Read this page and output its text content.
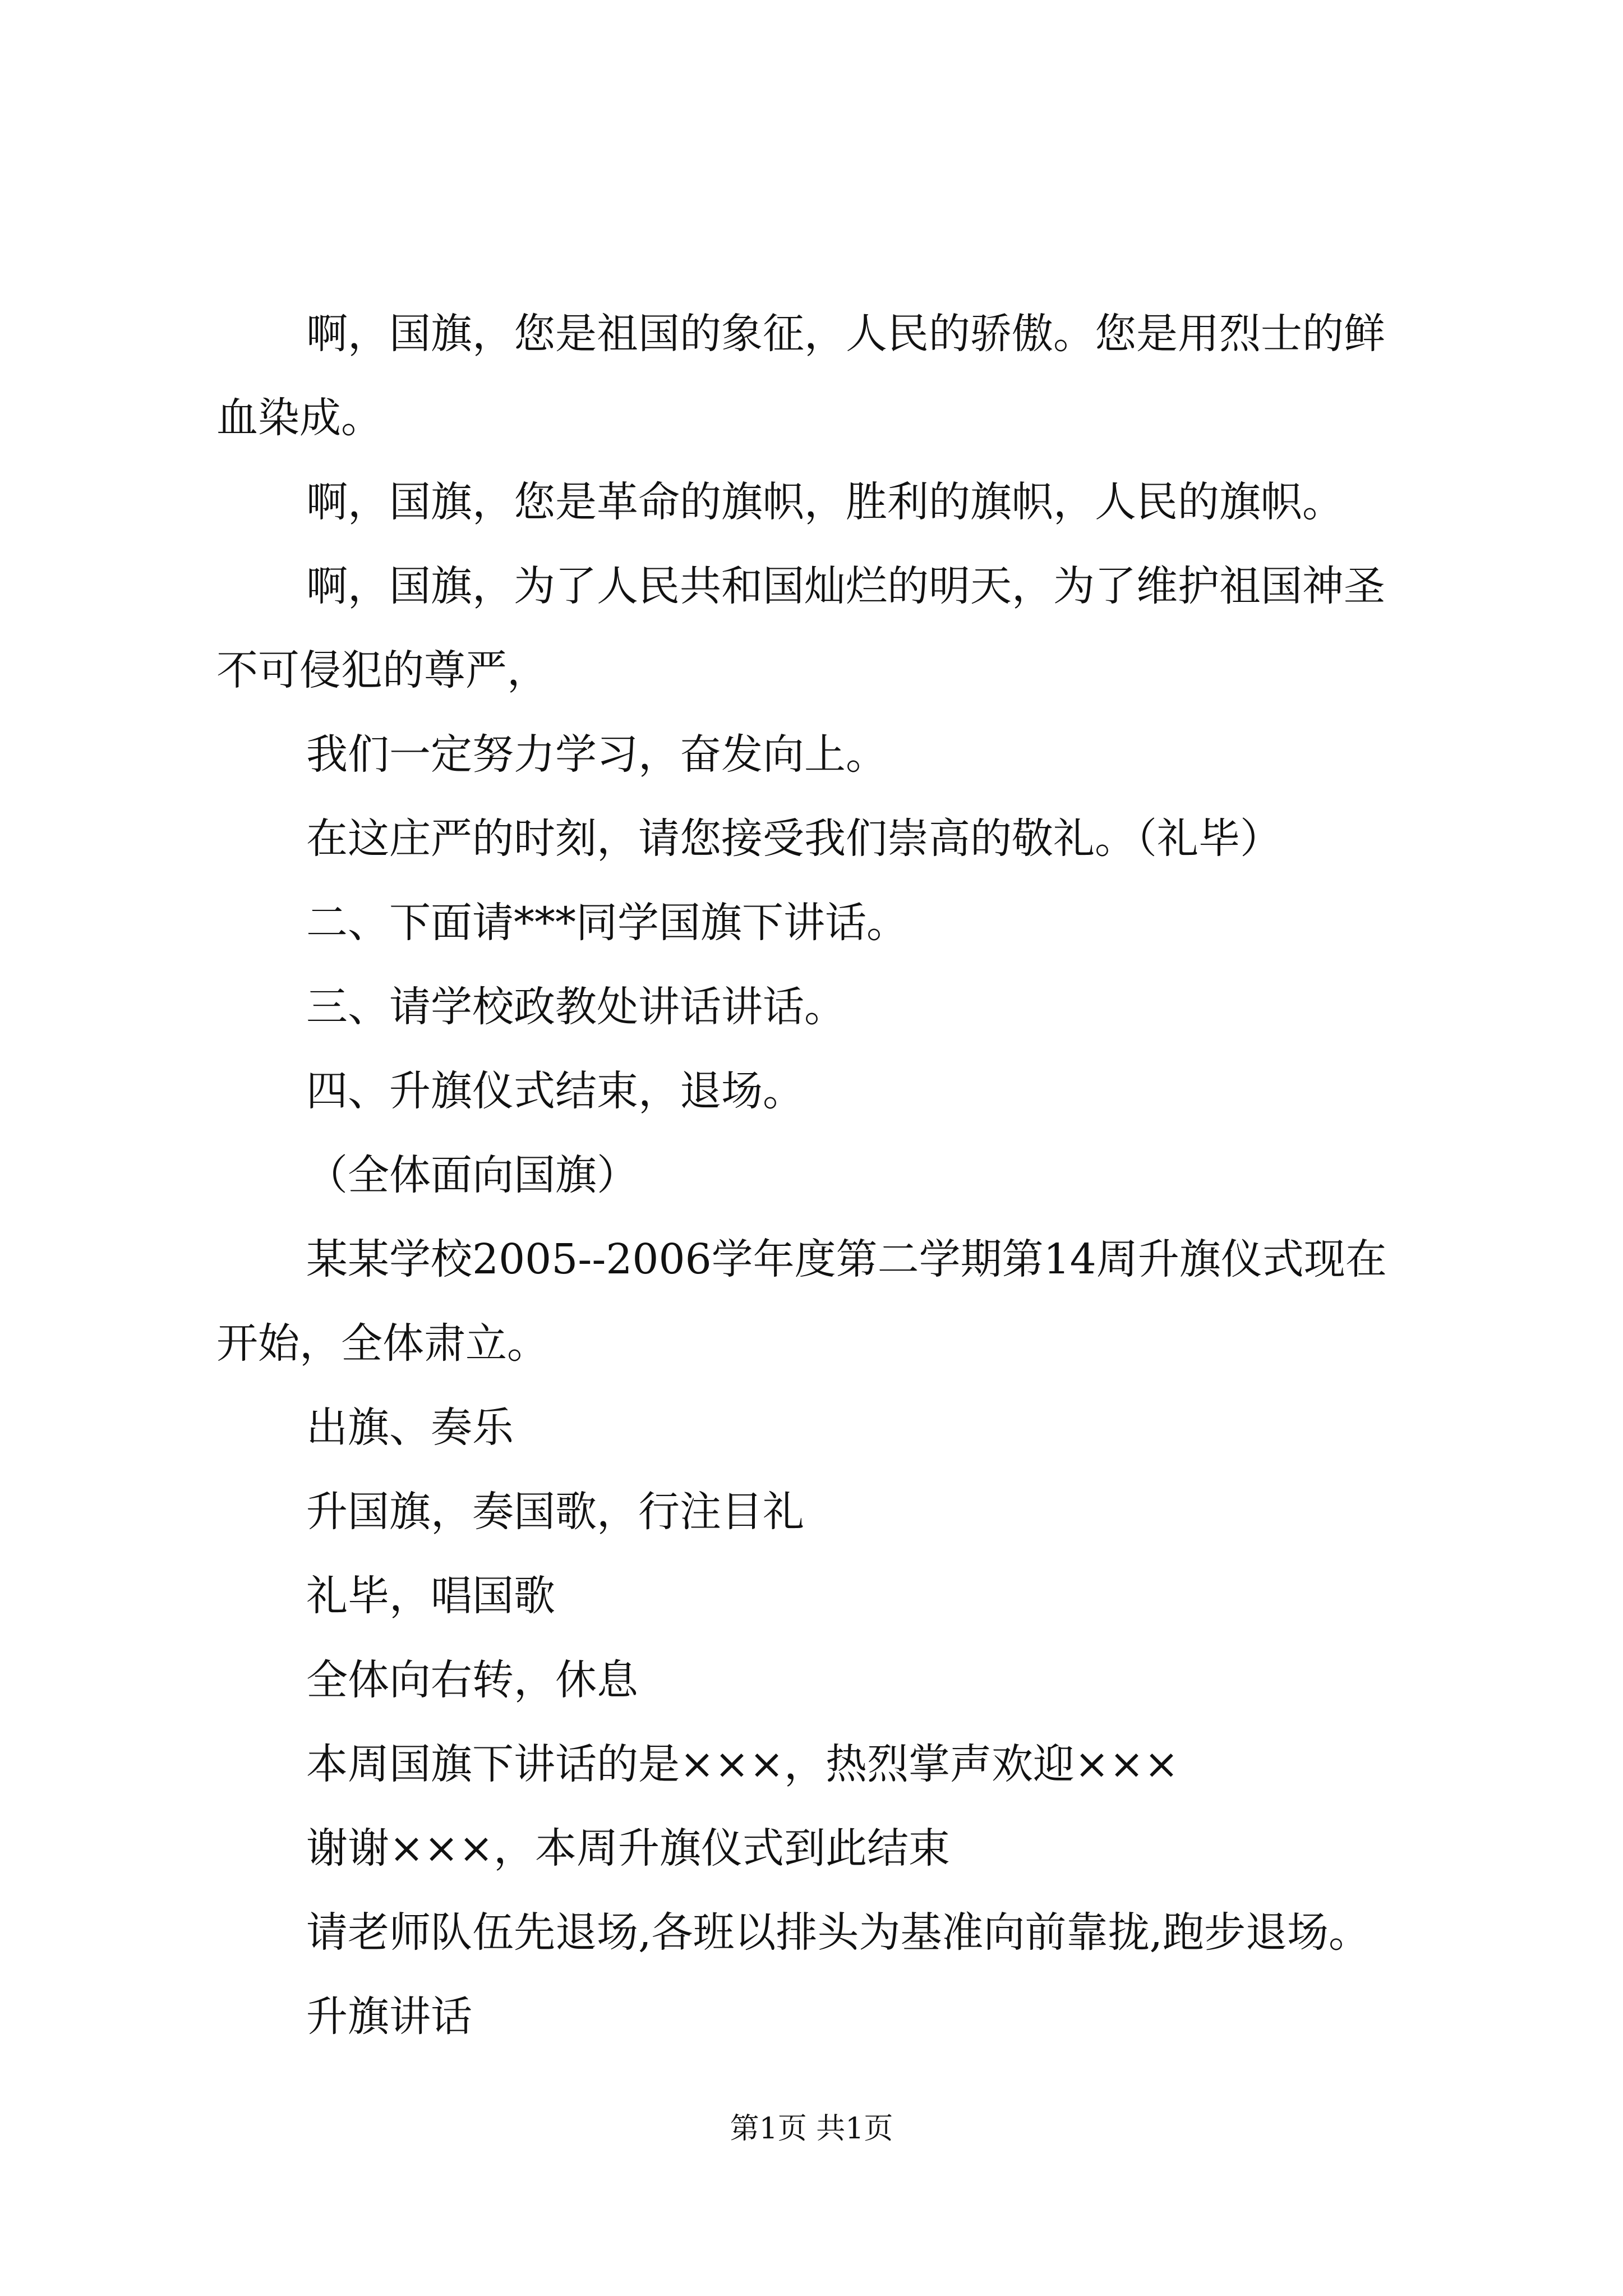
啊，国旗，您是祖国的象征，人民的骄傲。您是用烈士的鲜血染成。

啊，国旗，您是革命的旗帜，胜利的旗帜，人民的旗帜。

啊，国旗，为了人民共和国灿烂的明天，为了维护祖国神圣不可侵犯的尊严，

我们一定努力学习，奋发向上。

在这庄严的时刻，请您接受我们崇高的敬礼。（礼毕）

二、下面请***同学国旗下讲话。

三、请学校政教处讲话讲话。

四、升旗仪式结束，退场。

（全体面向国旗）

某某学校2005--2006学年度第二学期第14周升旗仪式现在开始，全体肃立。

出旗、奏乐

升国旗，奏国歌，行注目礼

礼毕，唱国歌

全体向右转，休息

本周国旗下讲话的是×××，热烈掌声欢迎×××

谢谢×××，本周升旗仪式到此结束

请老师队伍先退场,各班以排头为基准向前靠拢,跑步退场。

升旗讲话

第1页 共1页
